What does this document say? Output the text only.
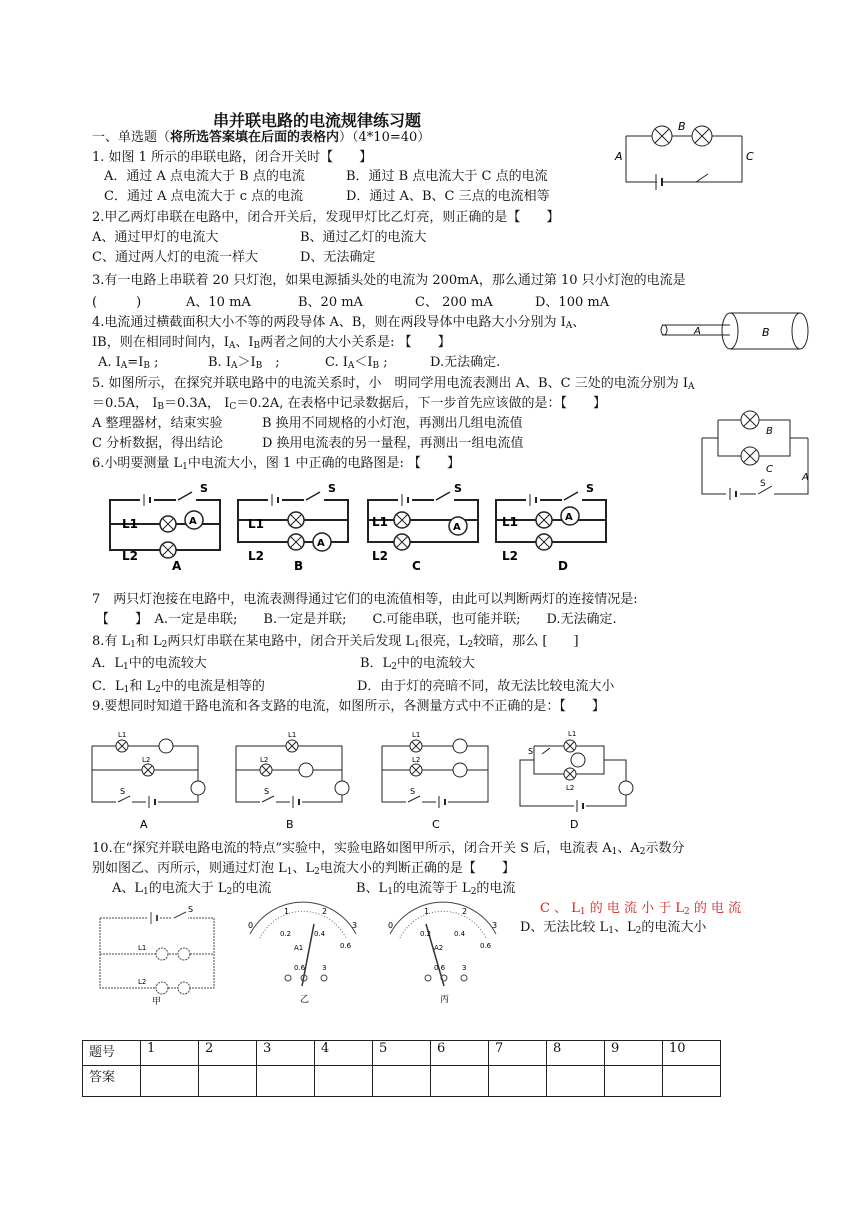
串并联电路的电流规律练习题
一、单选题（将所选答案填在后面的表格内）（4*10=40）
1. 如图 1 所示的串联电路，闭合开关时【　　】
A．通过 A 点电流大于 B 点的电流	B．通过 B 点电流大于 C 点的电流
C．通过 A 点电流大于 c 点的电流	D．通过 A、B、C 三点的电流相等
B
A	C
2.甲乙两灯串联在电路中，闭合开关后，发现甲灯比乙灯亮，则正确的是【　　】
A、通过甲灯的电流大	B、通过乙灯的电流大
C、通过两人灯的电流一样大	D、无法确定
3.有一电路上串联着 20 只灯泡，如果电源插头处的电流为 200mA，那么通过第 10 只小灯泡的电流是
(　　　)	A、10 mA	B、20 mA	C、 200 mA	D、100 mA
4.电流通过横截面积大小不等的两段导体 A、B，则在两段导体中电路大小分别为 $I_A$、
IB，则在相同时间内，$I_A$、$I_B$两者之间的大小关系是: 【　　】
A. $I_A=I_B$ ;	B. $I_A>I_B$　;	C. $I_A<I_B$ ;	D.无法确定.
A	B
5. 如图所示，在探究并联电路中的电流关系时，小　明同学用电流表测出 A、B、C 三处的电流分别为 $I_A$
＝0.5A， $I_B=0.3A$， $I_C=0.2A$, 在表格中记录数据后，下一步首先应该做的是：【　　】
A 整理器材，结束实验	B 换用不同规格的小灯泡，再测出几组电流值
C 分析数据，得出结论	D 换用电流表的另一量程，再测出一组电流值
B
C
S
A
6.小明要测量 $L_1$中电流大小，图 1 中正确的电路图是: 【　　】
S
L1
L2
A
A
S
L1
L2
A
B
S
L1
L2
A
C
S
L1
L2
A
D
7　两只灯泡接在电路中，电流表测得通过它们的电流值相等，由此可以判断两灯的连接情况是:
【　　】　A.一定是串联;　　B.一定是并联;　　C.可能串联，也可能并联;　　D.无法确定.
8.有 $L_1$和 $L_2$两只灯串联在某电路中，闭合开关后发现 $L_1$很亮，$L_2$较暗，那么 [　　]
A．$L_1$中的电流较大	B．$L_2$中的电流较大
C．$L_1$和 $L_2$中的电流是相等的	D．由于灯的亮暗不同，故无法比较电流大小
9.要想同时知道干路电流和各支路的电流，如图所示，各测量方式中不正确的是：【　　】
L1
L2
S
A
L1
L2
S
B
L1
L2
S
C
L1
L2
S
D
10.在“探究并联电路电流的特点”实验中，实验电路如图甲所示，闭合开关 S 后，电流表 $A_1$、$A_2$示数分
别如图乙、丙所示，则通过灯泡 $L_1$、$L_2$电流大小的判断正确的是【　　】
A、$L_1$的电流大于 $L_2$的电流	B、$L_1$的电流等于 $L_2$的电流
C 、 $L_1$ 的 电 流 小 于 $L_2$ 的 电 流
D、无法比较 $L_1$、$L_2$的电流大小
S
L1
L2
甲
0
1	2
3
0.2	0.4
0.6
A1
0.6 3
乙
0
1	2
3
0.2	0.4
0.6
A2
0.6 3
丙
题号	1	2	3	4	5	6	7	8	9	10
答案										
